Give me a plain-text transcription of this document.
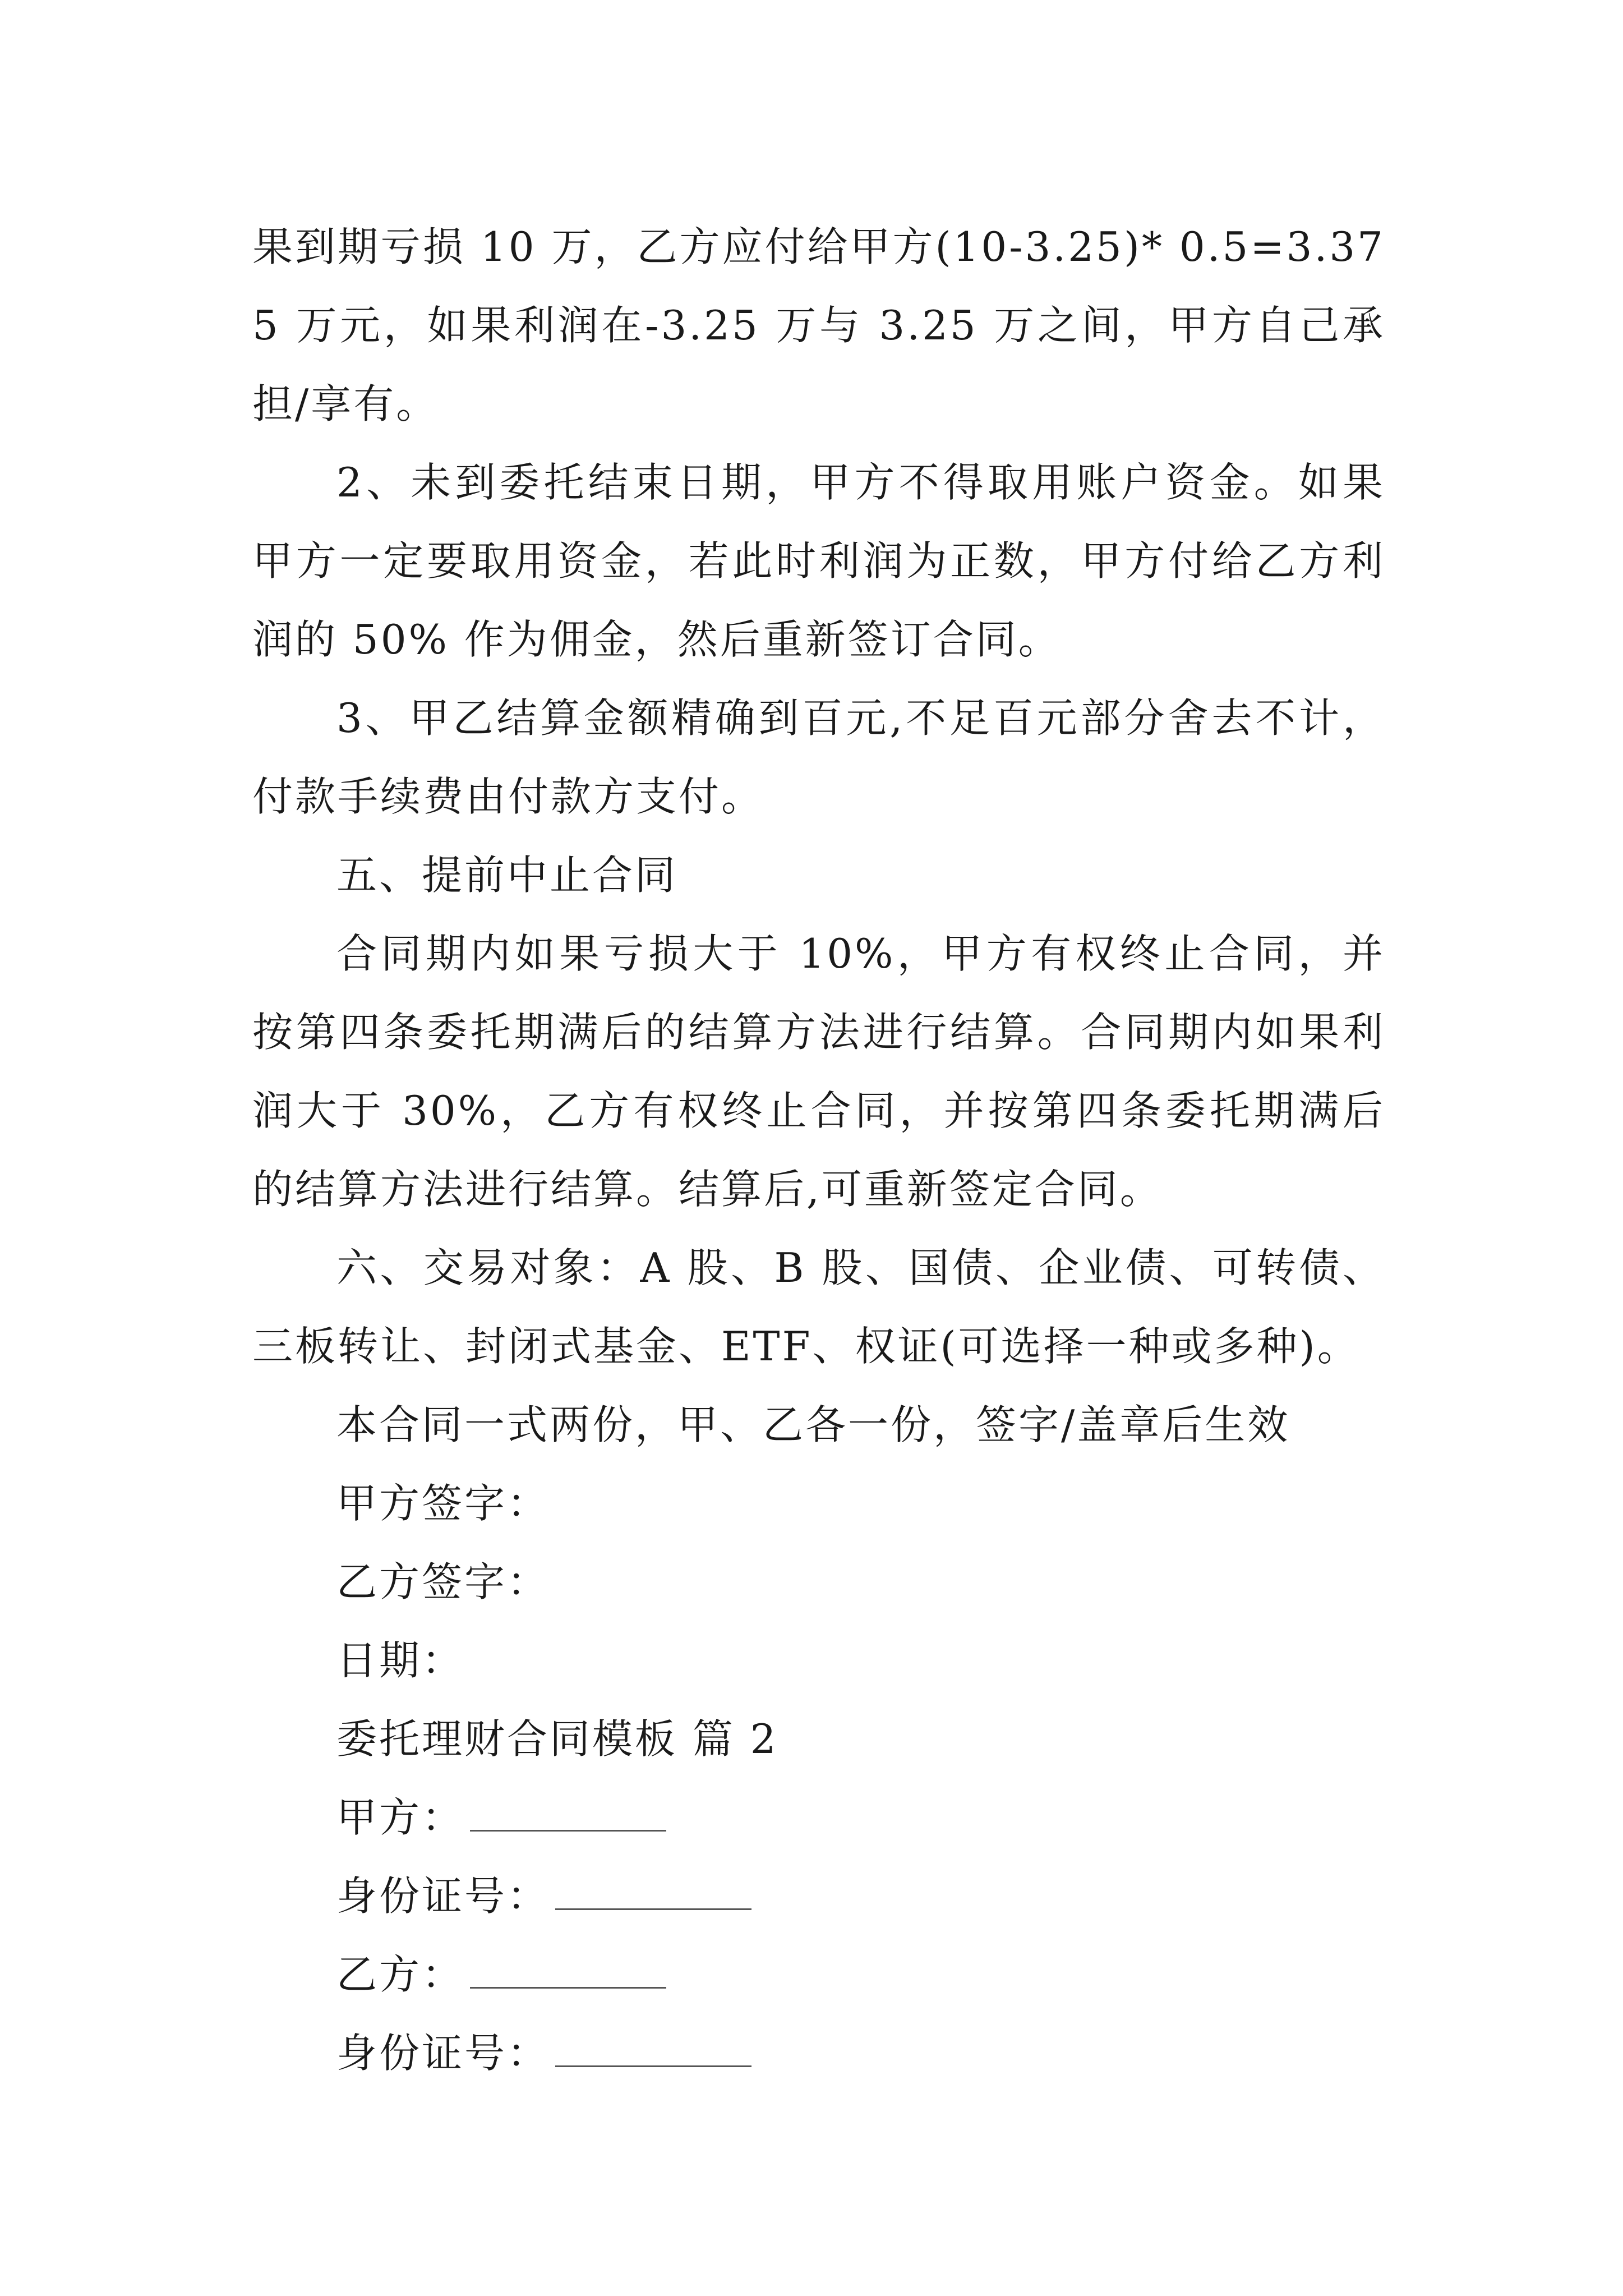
果到期亏损 10 万，乙方应付给甲方(10-3.25)* 0.5=3.375 万元，如果利润在-3.25 万与 3.25 万之间，甲方自己承担/享有。

2、未到委托结束日期，甲方不得取用账户资金。如果甲方一定要取用资金，若此时利润为正数，甲方付给乙方利润的 50% 作为佣金，然后重新签订合同。

3、甲乙结算金额精确到百元,不足百元部分舍去不计，付款手续费由付款方支付。

五、提前中止合同

合同期内如果亏损大于 10%，甲方有权终止合同，并按第四条委托期满后的结算方法进行结算。合同期内如果利润大于 30%，乙方有权终止合同，并按第四条委托期满后的结算方法进行结算。结算后,可重新签定合同。

六、交易对象：A 股、B 股、国债、企业债、可转债、三板转让、封闭式基金、ETF、权证(可选择一种或多种)。

本合同一式两份，甲、乙各一份，签字/盖章后生效

甲方签字：

乙方签字：

日期：

委托理财合同模板 篇 2

甲方：

身份证号：

乙方：

身份证号：
